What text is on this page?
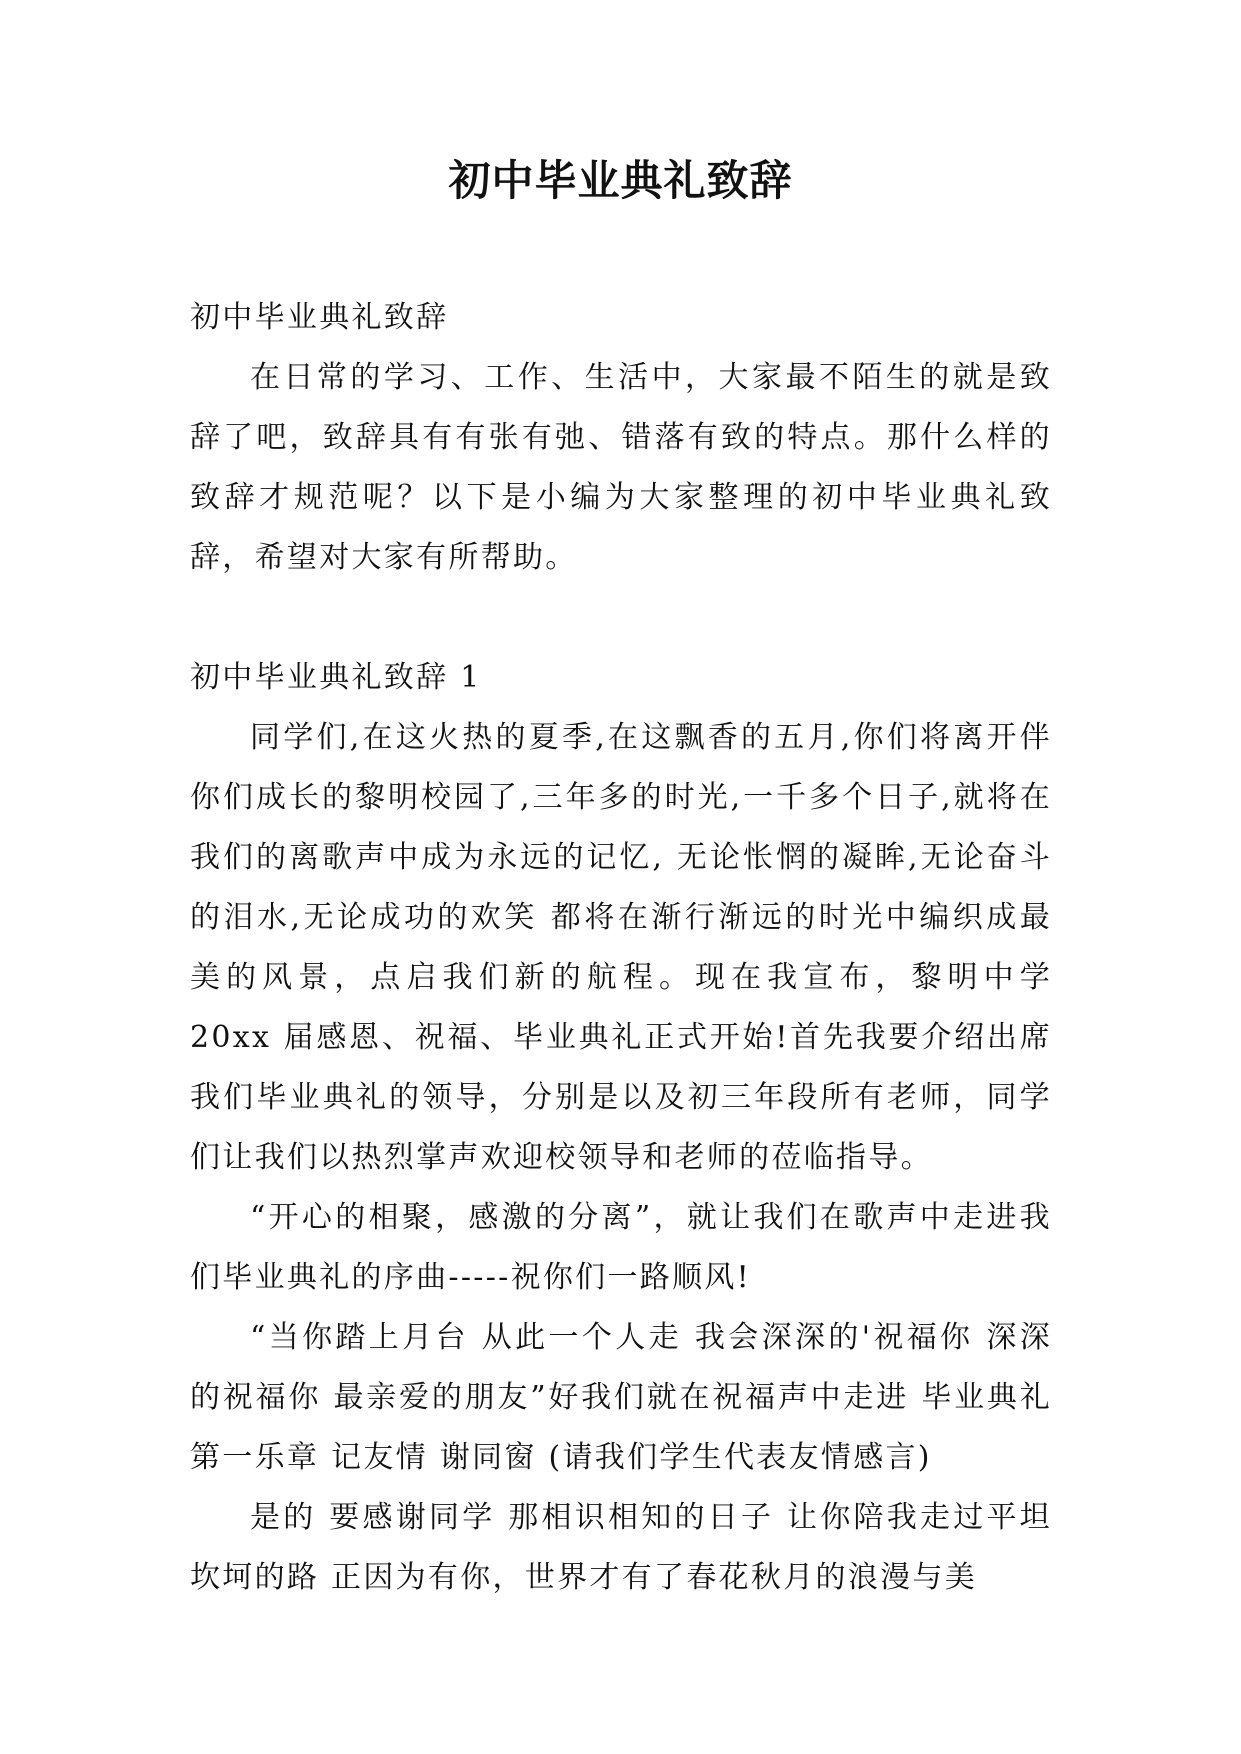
初中毕业典礼致辞

初中毕业典礼致辞

在日常的学习、工作、生活中，大家最不陌生的就是致辞了吧，致辞具有有张有弛、错落有致的特点。那什么样的致辞才规范呢？以下是小编为大家整理的初中毕业典礼致辞，希望对大家有所帮助。

初中毕业典礼致辞 1

同学们,在这火热的夏季,在这飘香的五月,你们将离开伴你们成长的黎明校园了,三年多的时光,一千多个日子,就将在我们的离歌声中成为永远的记忆, 无论怅惘的凝眸,无论奋斗的泪水,无论成功的欢笑 都将在渐行渐远的时光中编织成最美的风景，点启我们新的航程。现在我宣布，黎明中学 20xx 届感恩、祝福、毕业典礼正式开始!首先我要介绍出席我们毕业典礼的领导，分别是以及初三年段所有老师，同学们让我们以热烈掌声欢迎校领导和老师的莅临指导。

“开心的相聚，感激的分离”，就让我们在歌声中走进我们毕业典礼的序曲-----祝你们一路顺风!

“当你踏上月台 从此一个人走 我会深深的'祝福你 深深的祝福你 最亲爱的朋友”好我们就在祝福声中走进 毕业典礼第一乐章 记友情 谢同窗 (请我们学生代表友情感言)

是的 要感谢同学 那相识相知的日子 让你陪我走过平坦坎坷的路 正因为有你，世界才有了春花秋月的浪漫与美
